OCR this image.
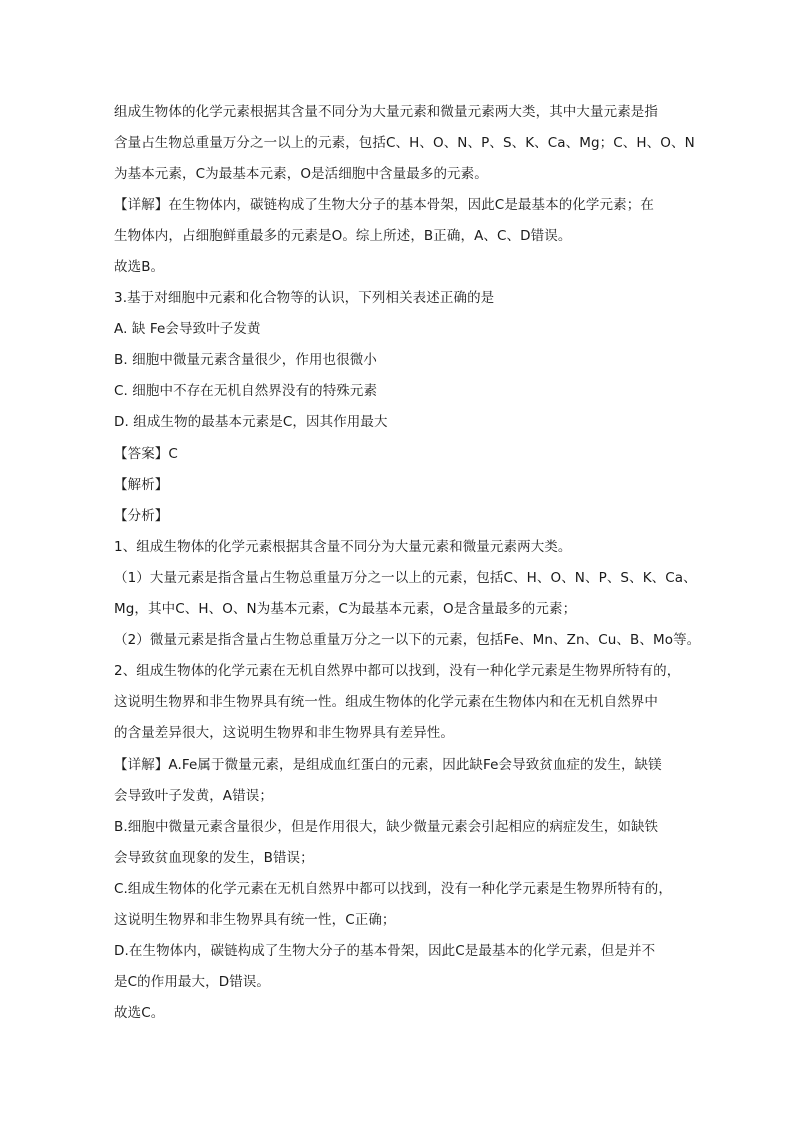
组成生物体的化学元素根据其含量不同分为大量元素和微量元素两大类，其中大量元素是指
含量占生物总重量万分之一以上的元素，包括C、H、O、N、P、S、K、Ca、Mg；C、H、O、N
为基本元素，C为最基本元素，O是活细胞中含量最多的元素。
【详解】在生物体内，碳链构成了生物大分子的基本骨架，因此C是最基本的化学元素；在
生物体内，占细胞鲜重最多的元素是O。综上所述，B正确，A、C、D错误。
故选B。
3.基于对细胞中元素和化合物等的认识，下列相关表述正确的是
A. 缺 Fe会导致叶子发黄
B. 细胞中微量元素含量很少，作用也很微小
C. 细胞中不存在无机自然界没有的特殊元素
D. 组成生物的最基本元素是C，因其作用最大
【答案】C
【解析】
【分析】
1、组成生物体的化学元素根据其含量不同分为大量元素和微量元素两大类。
（1）大量元素是指含量占生物总重量万分之一以上的元素，包括C、H、O、N、P、S、K、Ca、
Mg，其中C、H、O、N为基本元素，C为最基本元素，O是含量最多的元素；
（2）微量元素是指含量占生物总重量万分之一以下的元素，包括Fe、Mn、Zn、Cu、B、Mo等。
2、组成生物体的化学元素在无机自然界中都可以找到，没有一种化学元素是生物界所特有的，
这说明生物界和非生物界具有统一性。组成生物体的化学元素在生物体内和在无机自然界中
的含量差异很大，这说明生物界和非生物界具有差异性。
【详解】A.Fe属于微量元素，是组成血红蛋白的元素，因此缺Fe会导致贫血症的发生，缺镁
会导致叶子发黄，A错误；
B.细胞中微量元素含量很少，但是作用很大，缺少微量元素会引起相应的病症发生，如缺铁
会导致贫血现象的发生，B错误；
C.组成生物体的化学元素在无机自然界中都可以找到，没有一种化学元素是生物界所特有的，
这说明生物界和非生物界具有统一性，C正确；
D.在生物体内，碳链构成了生物大分子的基本骨架，因此C是最基本的化学元素，但是并不
是C的作用最大，D错误。
故选C。
